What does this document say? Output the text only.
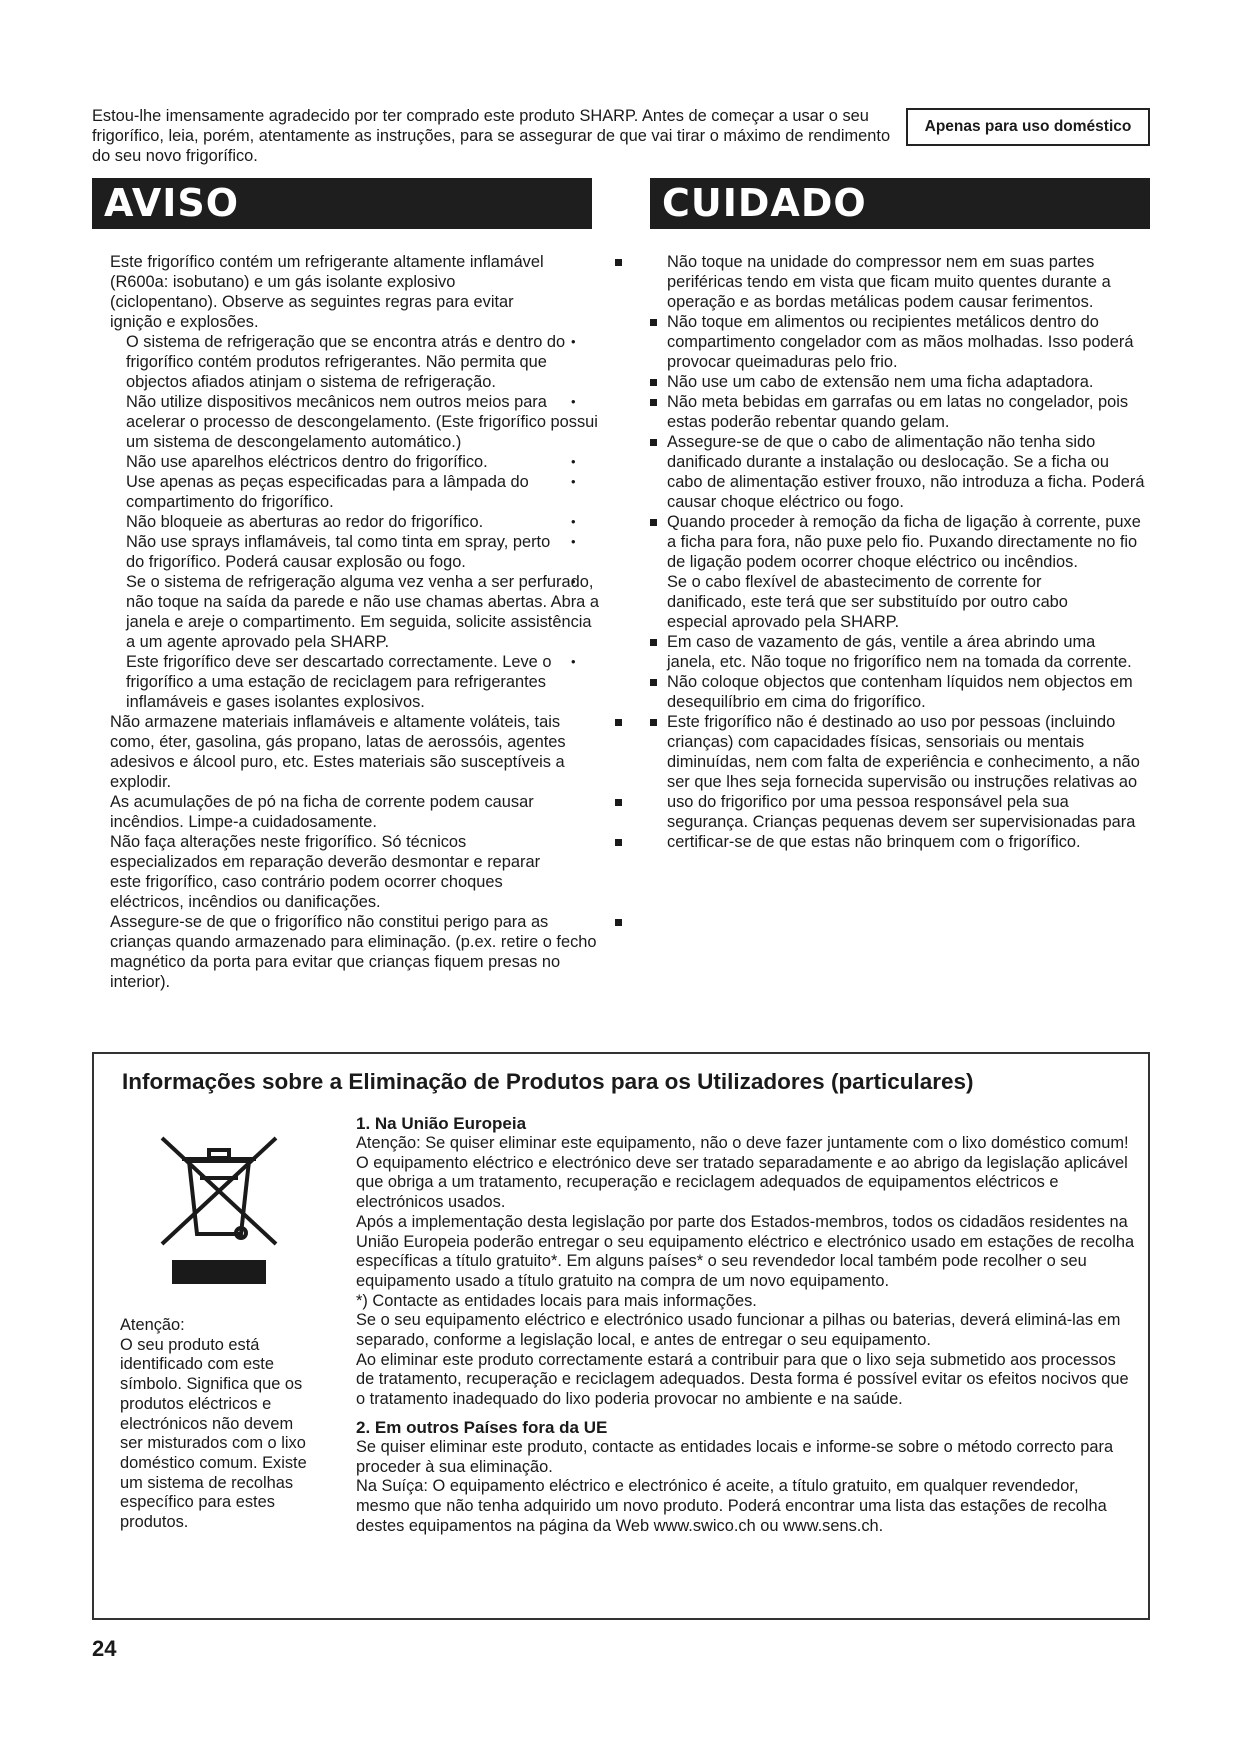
Estou-lhe imensamente agradecido por ter comprado este produto SHARP. Antes de começar a usar o seu frigorífico, leia, porém, atentamente as instruções, para se assegurar de que vai tirar o máximo de rendimento do seu novo frigorífico.
Apenas para uso doméstico
AVISO	CUIDADO

Este frigorífico contém um refrigerante altamente inflamável (R600a: isobutano) e um gás isolante explosivo (ciclopentano). Observe as seguintes regras para evitar ignição e explosões.

O sistema de refrigeração que se encontra atrás e dentro do frigorífico contém produtos refrigerantes. Não permita que objectos afiados atinjam o sistema de refrigeração. •

Não utilize dispositivos mecânicos nem outros meios para acelerar o processo de descongelamento. (Este frigorífico possui um sistema de descongelamento automático.) •

Não use aparelhos eléctricos dentro do frigorífico. •

Use apenas as peças especificadas para a lâmpada do compartimento do frigorífico. •

Não bloqueie as aberturas ao redor do frigorífico. •

Não use sprays inflamáveis, tal como tinta em spray, perto do frigorífico. Poderá causar explosão ou fogo. •

Se o sistema de refrigeração alguma vez venha a ser perfurado, não toque na saída da parede e não use chamas abertas. Abra a janela e areje o compartimento. Em seguida, solicite assistência a um agente aprovado pela SHARP. •

Este frigorífico deve ser descartado correctamente. Leve o frigorífico a uma estação de reciclagem para refrigerantes inflamáveis e gases isolantes explosivos. •

Não armazene materiais inflamáveis e altamente voláteis, tais como, éter, gasolina, gás propano, latas de aerossóis, agentes adesivos e álcool puro, etc. Estes materiais são susceptíveis a explodir.

As acumulações de pó na ficha de corrente podem causar incêndios. Limpe-a cuidadosamente.

Não faça alterações neste frigorífico. Só técnicos especializados em reparação deverão desmontar e reparar este frigorífico, caso contrário podem ocorrer choques eléctricos, incêndios ou danificações.

Assegure-se de que o frigorífico não constitui perigo para as crianças quando armazenado para eliminação. (p.ex. retire o fecho magnético da porta para evitar que crianças fiquem presas no interior).

Não toque na unidade do compressor nem em suas partes periféricas tendo em vista que ficam muito quentes durante a operação e as bordas metálicas podem causar ferimentos.

Não toque em alimentos ou recipientes metálicos dentro do compartimento congelador com as mãos molhadas. Isso poderá provocar queimaduras pelo frio.

Não use um cabo de extensão nem uma ficha adaptadora.

Não meta bebidas em garrafas ou em latas no congelador, pois estas poderão rebentar quando gelam.

Assegure-se de que o cabo de alimentação não tenha sido danificado durante a instalação ou deslocação. Se a ficha ou cabo de alimentação estiver frouxo, não introduza a ficha. Poderá causar choque eléctrico ou fogo.

Quando proceder à remoção da ficha de ligação à corrente, puxe a ficha para fora, não puxe pelo fio. Puxando directamente no fio de ligação podem ocorrer choque eléctrico ou incêndios.

Se o cabo flexível de abastecimento de corrente for danificado, este terá que ser substituído por outro cabo especial aprovado pela SHARP.

Em caso de vazamento de gás, ventile a área abrindo uma janela, etc. Não toque no frigorífico nem na tomada da corrente.

Não coloque objectos que contenham líquidos nem objectos em desequilíbrio em cima do frigorífico.

Este frigorífico não é destinado ao uso por pessoas (incluindo crianças) com capacidades físicas, sensoriais ou mentais diminuídas, nem com falta de experiência e conhecimento, a não ser que lhes seja fornecida supervisão ou instruções relativas ao uso do frigorifico por uma pessoa responsável pela sua segurança. Crianças pequenas devem ser supervisionadas para certificar-se de que estas não brinquem com o frigorífico.

Informações sobre a Eliminação de Produtos para os Utilizadores (particulares)

Atenção:

O seu produto está identificado com este símbolo. Significa que os produtos eléctricos e electrónicos não devem ser misturados com o lixo doméstico comum. Existe um sistema de recolhas específico para estes produtos.

1. Na União Europeia

Atenção: Se quiser eliminar este equipamento, não o deve fazer juntamente com o lixo doméstico comum!

O equipamento eléctrico e electrónico deve ser tratado separadamente e ao abrigo da legislação aplicável que obriga a um tratamento, recuperação e reciclagem adequados de equipamentos eléctricos e electrónicos usados.

Após a implementação desta legislação por parte dos Estados-membros, todos os cidadãos residentes na União Europeia poderão entregar o seu equipamento eléctrico e electrónico usado em estações de recolha específicas a título gratuito*. Em alguns países* o seu revendedor local também pode recolher o seu equipamento usado a título gratuito na compra de um novo equipamento.

*) Contacte as entidades locais para mais informações.

Se o seu equipamento eléctrico e electrónico usado funcionar a pilhas ou baterias, deverá eliminá-las em separado, conforme a legislação local, e antes de entregar o seu equipamento.

Ao eliminar este produto correctamente estará a contribuir para que o lixo seja submetido aos processos de tratamento, recuperação e reciclagem adequados. Desta forma é possível evitar os efeitos nocivos que o tratamento inadequado do lixo poderia provocar no ambiente e na saúde.

2. Em outros Países fora da UE

Se quiser eliminar este produto, contacte as entidades locais e informe-se sobre o método correcto para proceder à sua eliminação.

Na Suíça: O equipamento eléctrico e electrónico é aceite, a título gratuito, em qualquer revendedor, mesmo que não tenha adquirido um novo produto. Poderá encontrar uma lista das estações de recolha destes equipamentos na página da Web www.swico.ch ou www.sens.ch.

24
